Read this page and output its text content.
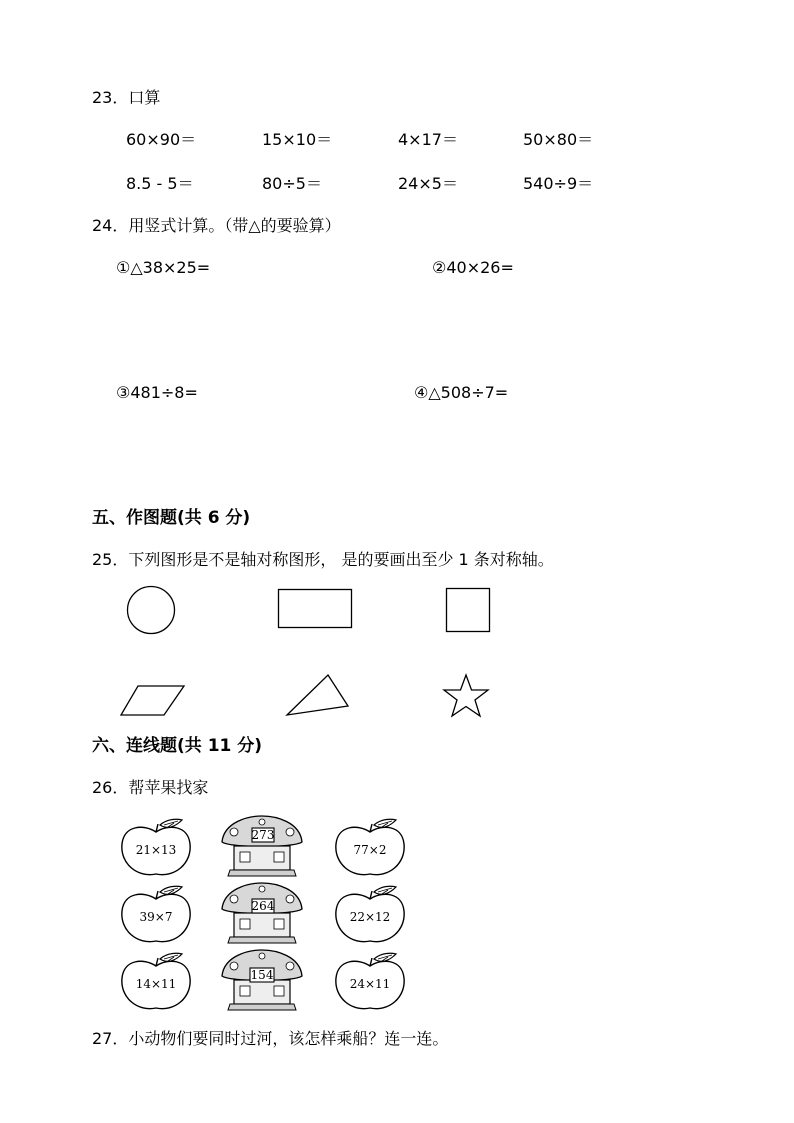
23．口算
60×90＝	15×10＝	4×17＝	50×80＝
8.5 - 5＝	80÷5＝	24×5＝	540÷9＝
24．用竖式计算。（带△的要验算）
①△38×25=	②40×26=
③481÷8=	④△508÷7=
五、作图题(共 6 分)
25．下列图形是不是轴对称图形， 是的要画出至少 1 条对称轴。
六、连线题(共 11 分)
26．帮苹果找家
21×13
39×7
14×11
273
264
154
77×2
22×12
24×11
27．小动物们要同时过河，该怎样乘船？连一连。
